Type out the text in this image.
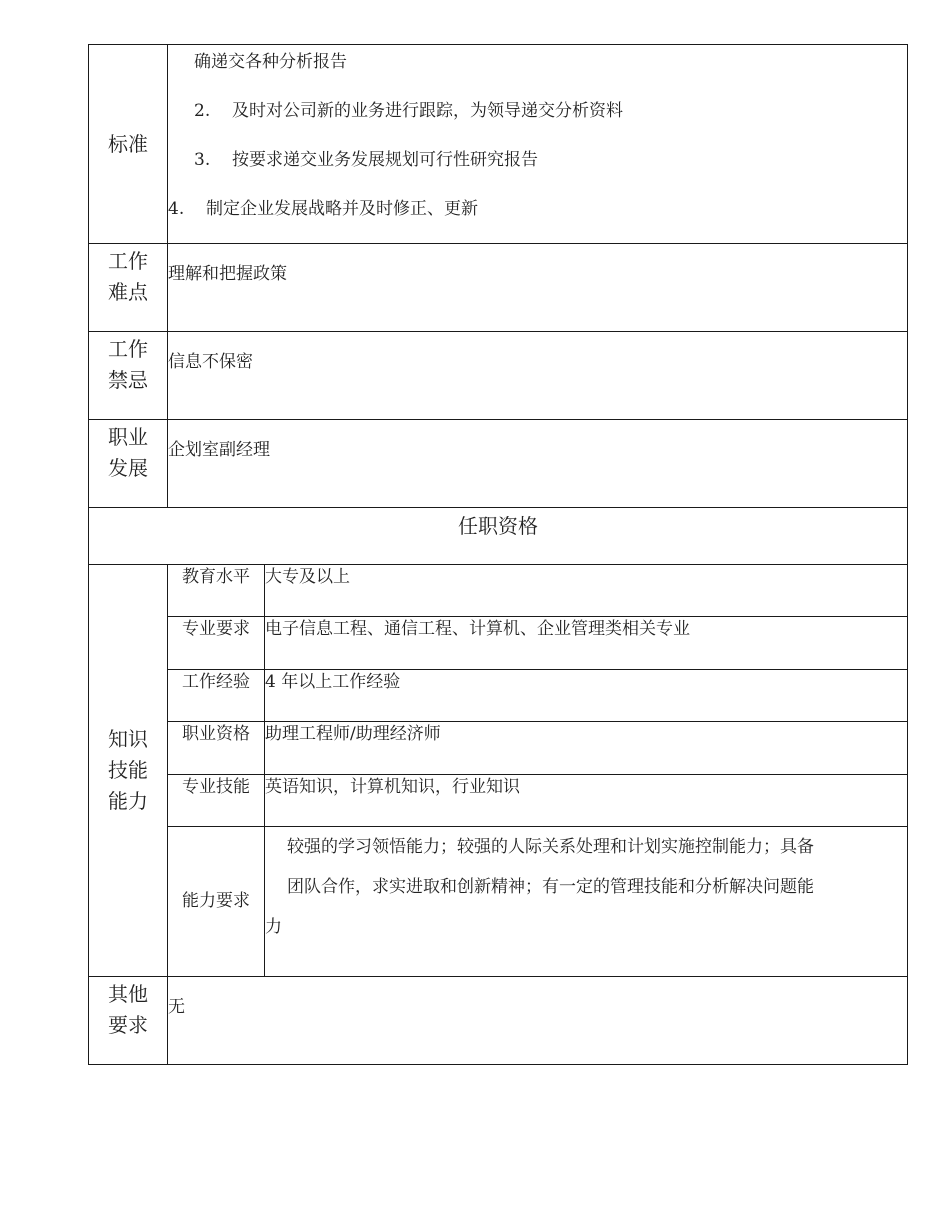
标准	确递交各种分析报告
2. 及时对公司新的业务进行跟踪，为领导递交分析资料
3. 按要求递交业务发展规划可行性研究报告
4. 制定企业发展战略并及时修正、更新	

工作
难点	理解和把握政策	

工作
禁忌	信息不保密	

职业
发展	企划室副经理	
任职资格		

知识
技能
能力	教育水平	大专及以上
	专业要求	电子信息工程、通信工程、计算机、企业管理类相关专业
	工作经验	4 年以上工作经验
	职业资格	助理工程师/助理经济师
	专业技能	英语知识，计算机知识，行业知识
	能力要求	较强的学习领悟能力；较强的人际关系处理和计划实施控制能力；具备
团队合作，求实进取和创新精神；有一定的管理技能和分析解决问题能
力

其他
要求	无	
